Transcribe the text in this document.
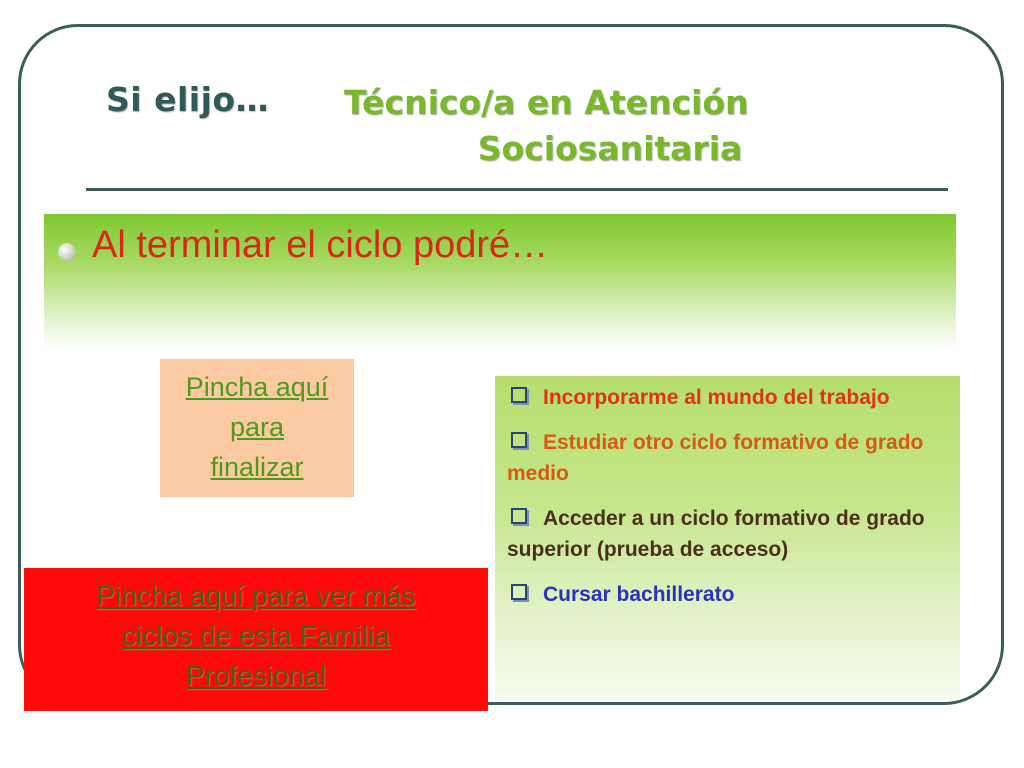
Si elijo… Técnico/a en Atención
Sociosanitaria
Al terminar el ciclo podré…
Pincha aquí
para
finalizar
Incorporarme al mundo del trabajo
Estudiar otro ciclo formativo de grado medio
Acceder a un ciclo formativo de grado superior (prueba de acceso)
Cursar bachillerato
Pincha aquí para ver más
ciclos de esta Familia
Profesional
